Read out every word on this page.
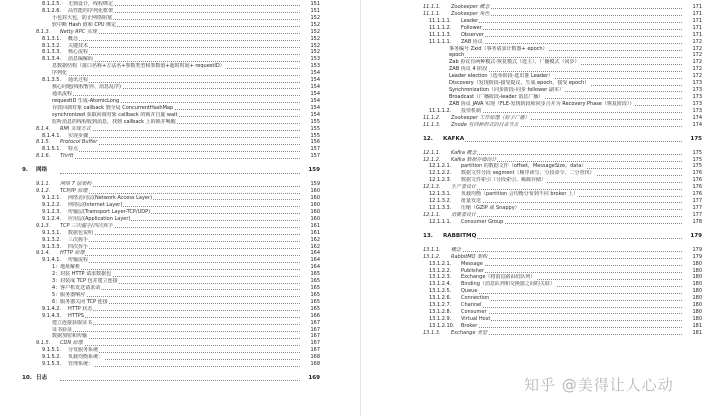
8.1.2.5. 无锁设计，线程绑定	151
8.1.2.6. 高性能的序列化框架	151
小包封大包，防止网络阻塞	152
软中断 Hash 值和 CPU 绑定	152
8.1.3. Netty RPC 实现	152
8.1.3.1. 概念	152
8.1.3.2. 关键技术	152
8.1.3.3. 核心流程	152
8.1.3.4. 消息编解码	153
息数据结构（接口名称+方法名+参数类型和参数值+超时时间+ requestID）	153
序列化	154
8.1.3.5. 通讯过程	154
核心问题(线程暂停、消息乱序)	154
通讯流程	154
requestID 生成-AtomicLong	154
存放回调对象 callback 到全局 ConcurrentHashMap	154
synchronized 获取回调对象 callback 的锁并自旋 wait	154
监听消息的线程收到消息，找到 callback 上的锁并唤醒	155
8.1.4. RMI 实现方式	155
8.1.4.1. 实现步骤	155
8.1.5. Protocol Buffer	156
8.1.5.1. 特点	157
8.1.6. Thrift	157
9. 网络	159
9.1.1. 网络 7 层架构	159
9.1.2. TCP/IP 原理	160
9.1.2.1. 网络访问层(Network Access Layer)	160
9.1.2.2. 网络层(Internet Layer)	160
9.1.2.3. 传输层(Tramsport Layer-TCP/UDP)	160
9.1.2.4. 应用层(Application Layer)	160
9.1.3. TCP 三次握手/四次挥手	161
9.1.3.1. 数据包说明	161
9.1.3.2. 三次握手	162
9.1.3.3. 四次挥手	162
9.1.4. HTTP 原理	164
9.1.4.1. 传输流程	164
1：地址解析	164
2：封装 HTTP 请求数据包	165
3：封装成 TCP 包并建立连接	165
4：客户机发送请求命	165
5：服务器响应	165
6：服务器关闭 TCP 连接	165
9.1.4.2. HTTP 状态	165
9.1.4.3. HTTPS	166
建立连接获取证书	167
证书验证	167
数据加密和传输	167
9.1.5. CDN 原理	167
9.1.5.1. 分发服务系统	167
9.1.5.2. 负载均衡系统：	168
9.1.5.3. 管理系统：	168
10. 日志	169
11.1.1. Zookeeper 概念	171
11.1.1. Zookeeper 角色	171
11.1.1.1. Leader	171
11.1.1.2. Follower	171
11.1.1.3. Observer	171
11.1.1.1. ZAB 协议	172
事务编号 Zxid（事务请求计数器+ epoch）	172
epoch	172
Zab 协议有两种模式-恢复模式（选主）、广播模式（同步）	172
ZAB 协议 4 阶段	172
Leader election（选举阶段-选出准 Leader）	172
Discovery（发现阶段-接受提议、生成 epoch、接受 epoch）	173
Synchronization（同步阶段-同步 follower 副本）	173
Broadcast（广播阶段-leader 消息广播）	173
ZAB 协议 JAVA 实现（FLE-发现阶段和同步合并为 Recovery Phase（恢复阶段））	173
11.1.1.2. 投票机制	173
11.1.2. Zookeeper 工作原理（原子广播）	174
11.1.3. Znode 有四种形式的目录节点	174
12. KAFKA	175
12.1.1. Kafka 概念	175
12.1.2. Kafka 数据存储设计	175
12.1.2.1. partition 的数据文件（offset，MessageSize，data）	175
12.1.2.2. 数据文件分段 segment（顺序读写、分段命令、二分查找）	176
12.1.2.3. 数据文件索引（分段索引、稀疏存储）	176
12.1.3. 生产者设计	176
12.1.3.1. 负载均衡（partition 会均衡分布到不同 broker 上）	176
12.1.3.2. 批量发送	177
12.1.3.3. 压缩（GZIP 或 Snappy）	177
12.1.1. 消费者设计	177
12.1.1.1. Consumer Group	178
13. RABBITMQ	179
13.1.1. 概念	179
13.1.2. RabbitMQ 架构	179
13.1.2.1. Message	180
13.1.2.2. Publisher	180
13.1.2.3. Exchange（将消息路由给队列）	180
13.1.2.4. Binding（消息队列和交换器之间的关联）	180
13.1.2.5. Queue	180
13.1.2.6. Connection	180
13.1.2.7. Channel	180
13.1.2.8. Consumer	180
13.1.2.9. Virtual Host	180
13.1.2.10. Broker	181
13.1.3. Exchange 类型	181
知乎 @美得让人心动
